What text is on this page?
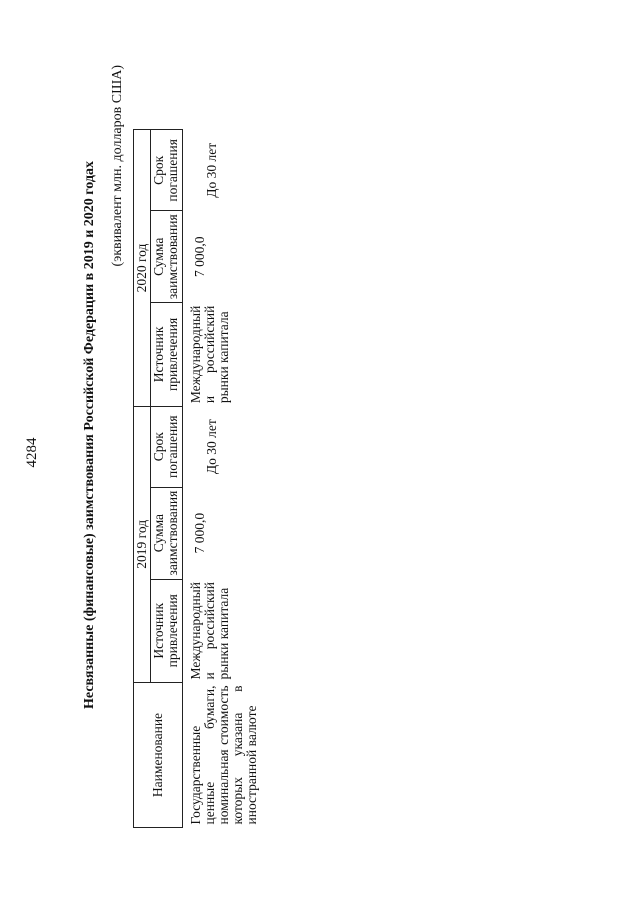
4284	Несвязанные (финансовые) заимствования Российской Федерации в 2019 и 2020 годах (эквивалент млн. долларов США)
Наименование	2019 год			2020 год		
	Источник привлечения	Сумма заимствования	Срок погашения	Источник привлечения	Сумма заимствования	Срок погашения
Государственные ценные бумаги, номинальная стоимость которых указана в иностранной валюте	Международный и российский рынки капитала	7 000,0	До 30 лет	Международный и российский рынки капитала	7 000,0	До 30 лет
